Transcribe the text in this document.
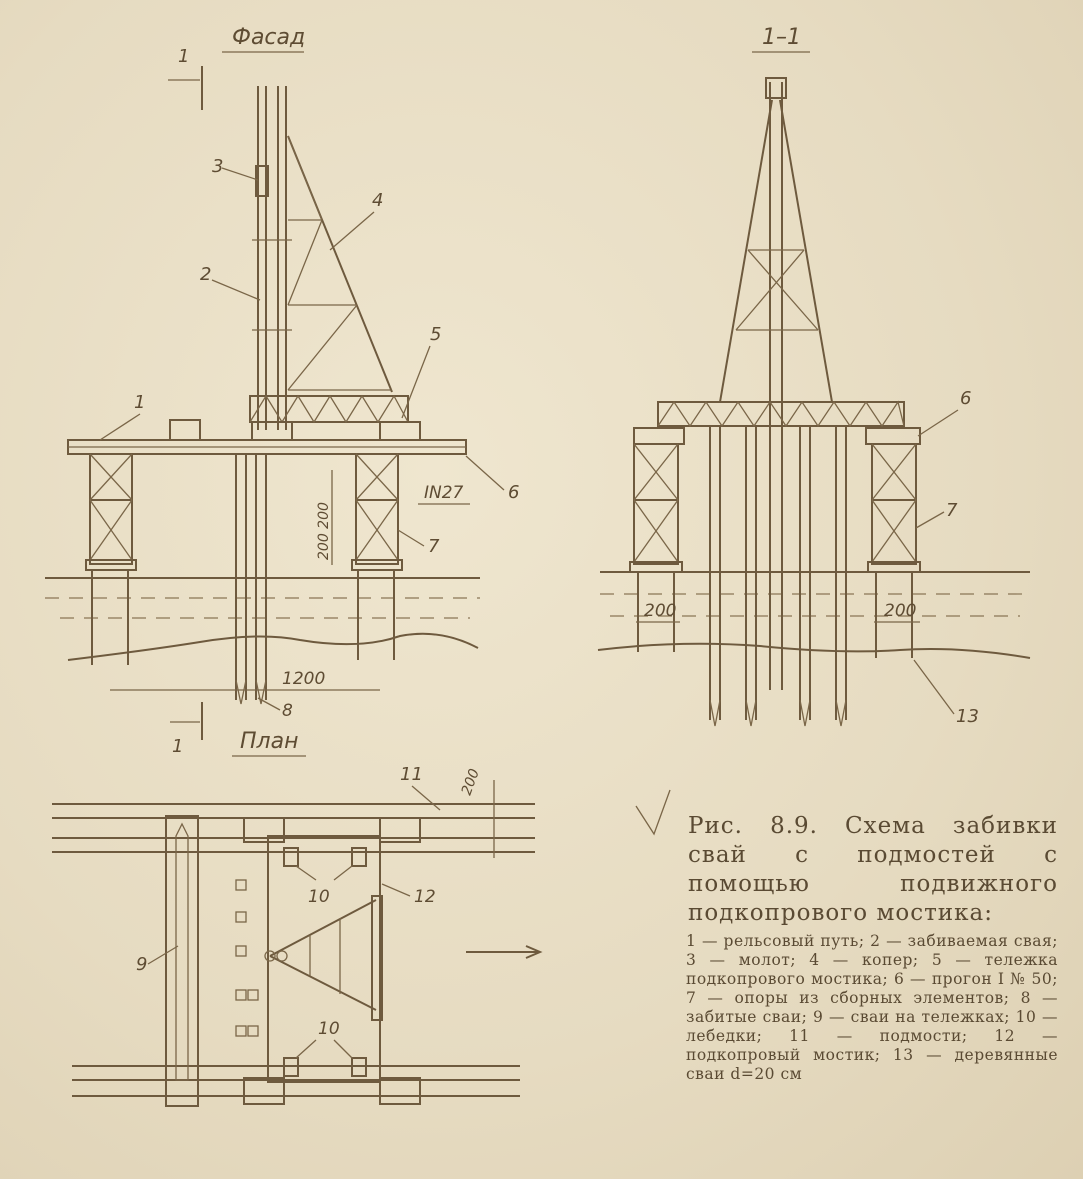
Фасад
1
1200
200 200
IN27
3
4
2
5
1
6
7
8
1
1–1
200	200
6
7
13
План
200
11
10	12
9
10
Рис. 8.9. Схема забивки свай с подмостей с помощью подвижного подкопрового мостика:
1 — рельсовый путь; 2 — забиваемая свая; 3 — молот; 4 — копер; 5 — тележка подкопрового мостика; 6 — прогон I № 50; 7 — опоры из сборных элементов; 8 — забитые сваи; 9 — сваи на тележках; 10 — лебедки; 11 — подмости; 12 — подкопровый мостик; 13 — деревянные сваи d=20 см
